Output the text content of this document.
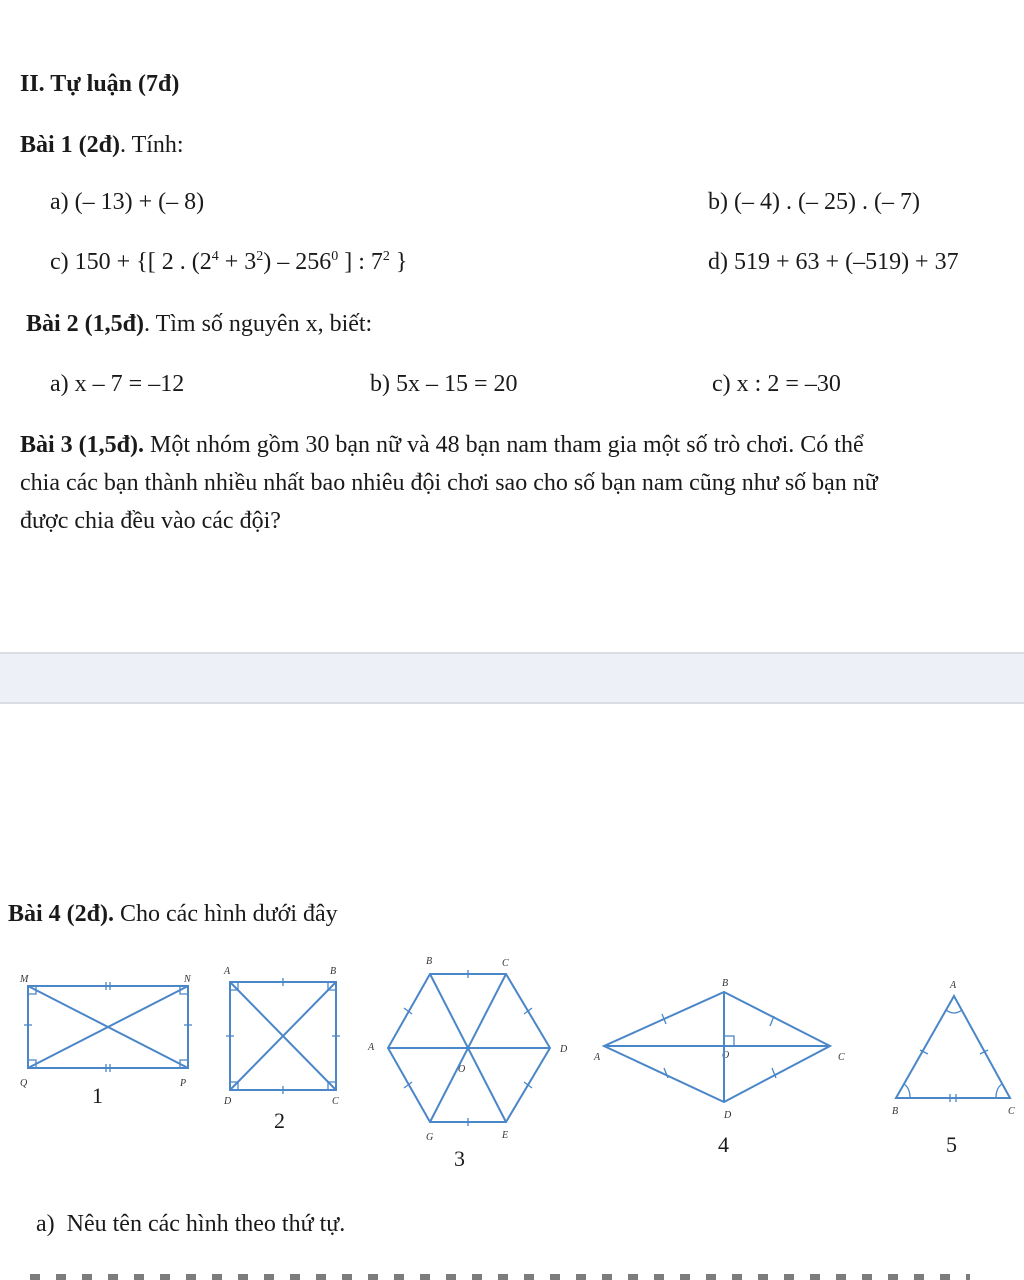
II. Tự luận (7đ)
Bài 1 (2đ). Tính:
a) (– 13) + (– 8)	b) (– 4) . (– 25) . (– 7)
c) 150 + {[ 2 . $(2^4 + 3^2) - 256^0$ ] : $7^2$ }	d) 519 + 63 + (–519) + 37
Bài 2 (1,5đ). Tìm số nguyên x, biết:
a) x – 7 = –12	b) 5x – 15 = 20	c) x : 2 = –30
Bài 3 (1,5đ). Một nhóm gồm 30 bạn nữ và 48 bạn nam tham gia một số trò chơi. Có thể
chia các bạn thành nhiều nhất bao nhiêu đội chơi sao cho số bạn nam cũng như số bạn nữ
được chia đều vào các đội?
Bài 4 (2đ). Cho các hình dưới đây
M	N
P
Q	1
A	B
C
D
2
B	C
D
E
G
A
O
3
B
C
D
A	O
4
A
B	C
5
a) Nêu tên các hình theo thứ tự.
